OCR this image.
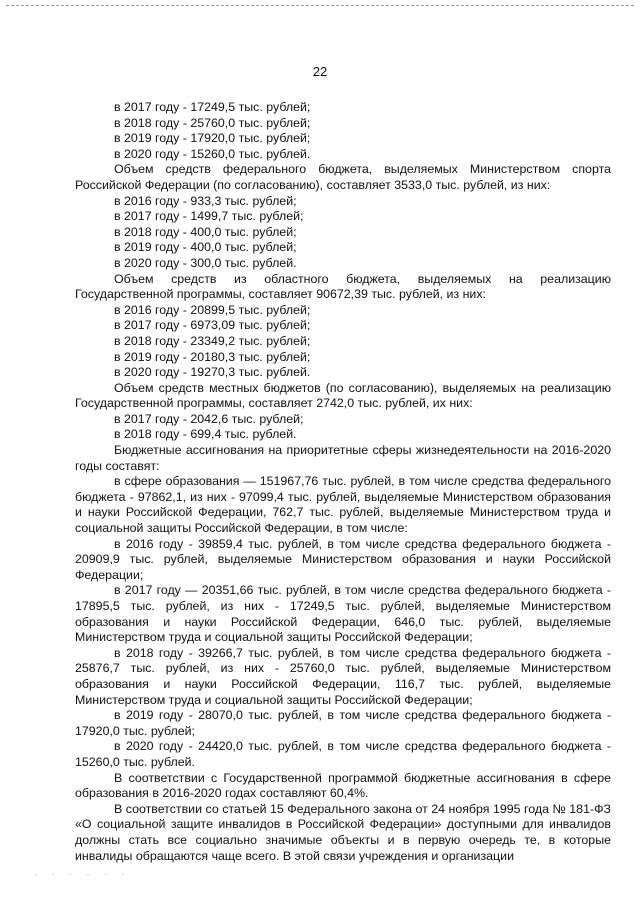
22

в 2017 году - 17249,5 тыс. рублей;

в 2018 году - 25760,0 тыс. рублей;

в 2019 году - 17920,0 тыс. рублей;

в 2020 году - 15260,0 тыс. рублей.

Объем средств федерального бюджета, выделяемых Министерством спорта Российской Федерации (по согласованию), составляет 3533,0 тыс. рублей, из них:

в 2016 году - 933,3 тыс. рублей;

в 2017 году - 1499,7 тыс. рублей;

в 2018 году - 400,0 тыс. рублей;

в 2019 году - 400,0 тыс. рублей;

в 2020 году - 300,0 тыс. рублей.

Объем средств из областного бюджета, выделяемых на реализацию Государственной программы, составляет 90672,39 тыс. рублей, из них:

в 2016 году - 20899,5 тыс. рублей;

в 2017 году - 6973,09 тыс. рублей;

в 2018 году - 23349,2 тыс. рублей;

в 2019 году - 20180,3 тыс. рублей;

в 2020 году - 19270,3 тыс. рублей.

Объем средств местных бюджетов (по согласованию), выделяемых на реализацию Государственной программы, составляет 2742,0 тыс. рублей, их них:

в 2017 году - 2042,6 тыс. рублей;

в 2018 году - 699,4 тыс. рублей.

Бюджетные ассигнования на приоритетные сферы жизнедеятельности на 2016-2020 годы составят:

в сфере образования — 151967,76 тыс. рублей, в том числе средства федерального бюджета - 97862,1, из них - 97099,4 тыс. рублей, выделяемые Министерством образования и науки Российской Федерации, 762,7 тыс. рублей, выделяемые Министерством труда и социальной защиты Российской Федерации, в том числе:

в 2016 году - 39859,4 тыс. рублей, в том числе средства федерального бюджета - 20909,9 тыс. рублей, выделяемые Министерством образования и науки Российской Федерации;

в 2017 году — 20351,66 тыс. рублей, в том числе средства федерального бюджета - 17895,5 тыс. рублей, из них - 17249,5 тыс. рублей, выделяемые Министерством образования и науки Российской Федерации, 646,0 тыс. рублей, выделяемые Министерством труда и социальной защиты Российской Федерации;

в 2018 году - 39266,7 тыс. рублей, в том числе средства федерального бюджета - 25876,7 тыс. рублей, из них - 25760,0 тыс. рублей, выделяемые Министерством образования и науки Российской Федерации, 116,7 тыс. рублей, выделяемые Министерством труда и социальной защиты Российской Федерации;

в 2019 году - 28070,0 тыс. рублей, в том числе средства федерального бюджета - 17920,0 тыс. рублей;

в 2020 году - 24420,0 тыс. рублей, в том числе средства федерального бюджета - 15260,0 тыс. рублей.

В соответствии с Государственной программой бюджетные ассигнования в сфере образования в 2016-2020 годах составляют 60,4%.

В соответствии со статьей 15 Федерального закона от 24 ноября 1995 года № 181-ФЗ «О социальной защите инвалидов в Российской Федерации» доступными для инвалидов должны стать все социально значимые объекты и в первую очередь те, в которые инвалиды обращаются чаще всего. В этой связи учреждения и организации

· · · · · ·
